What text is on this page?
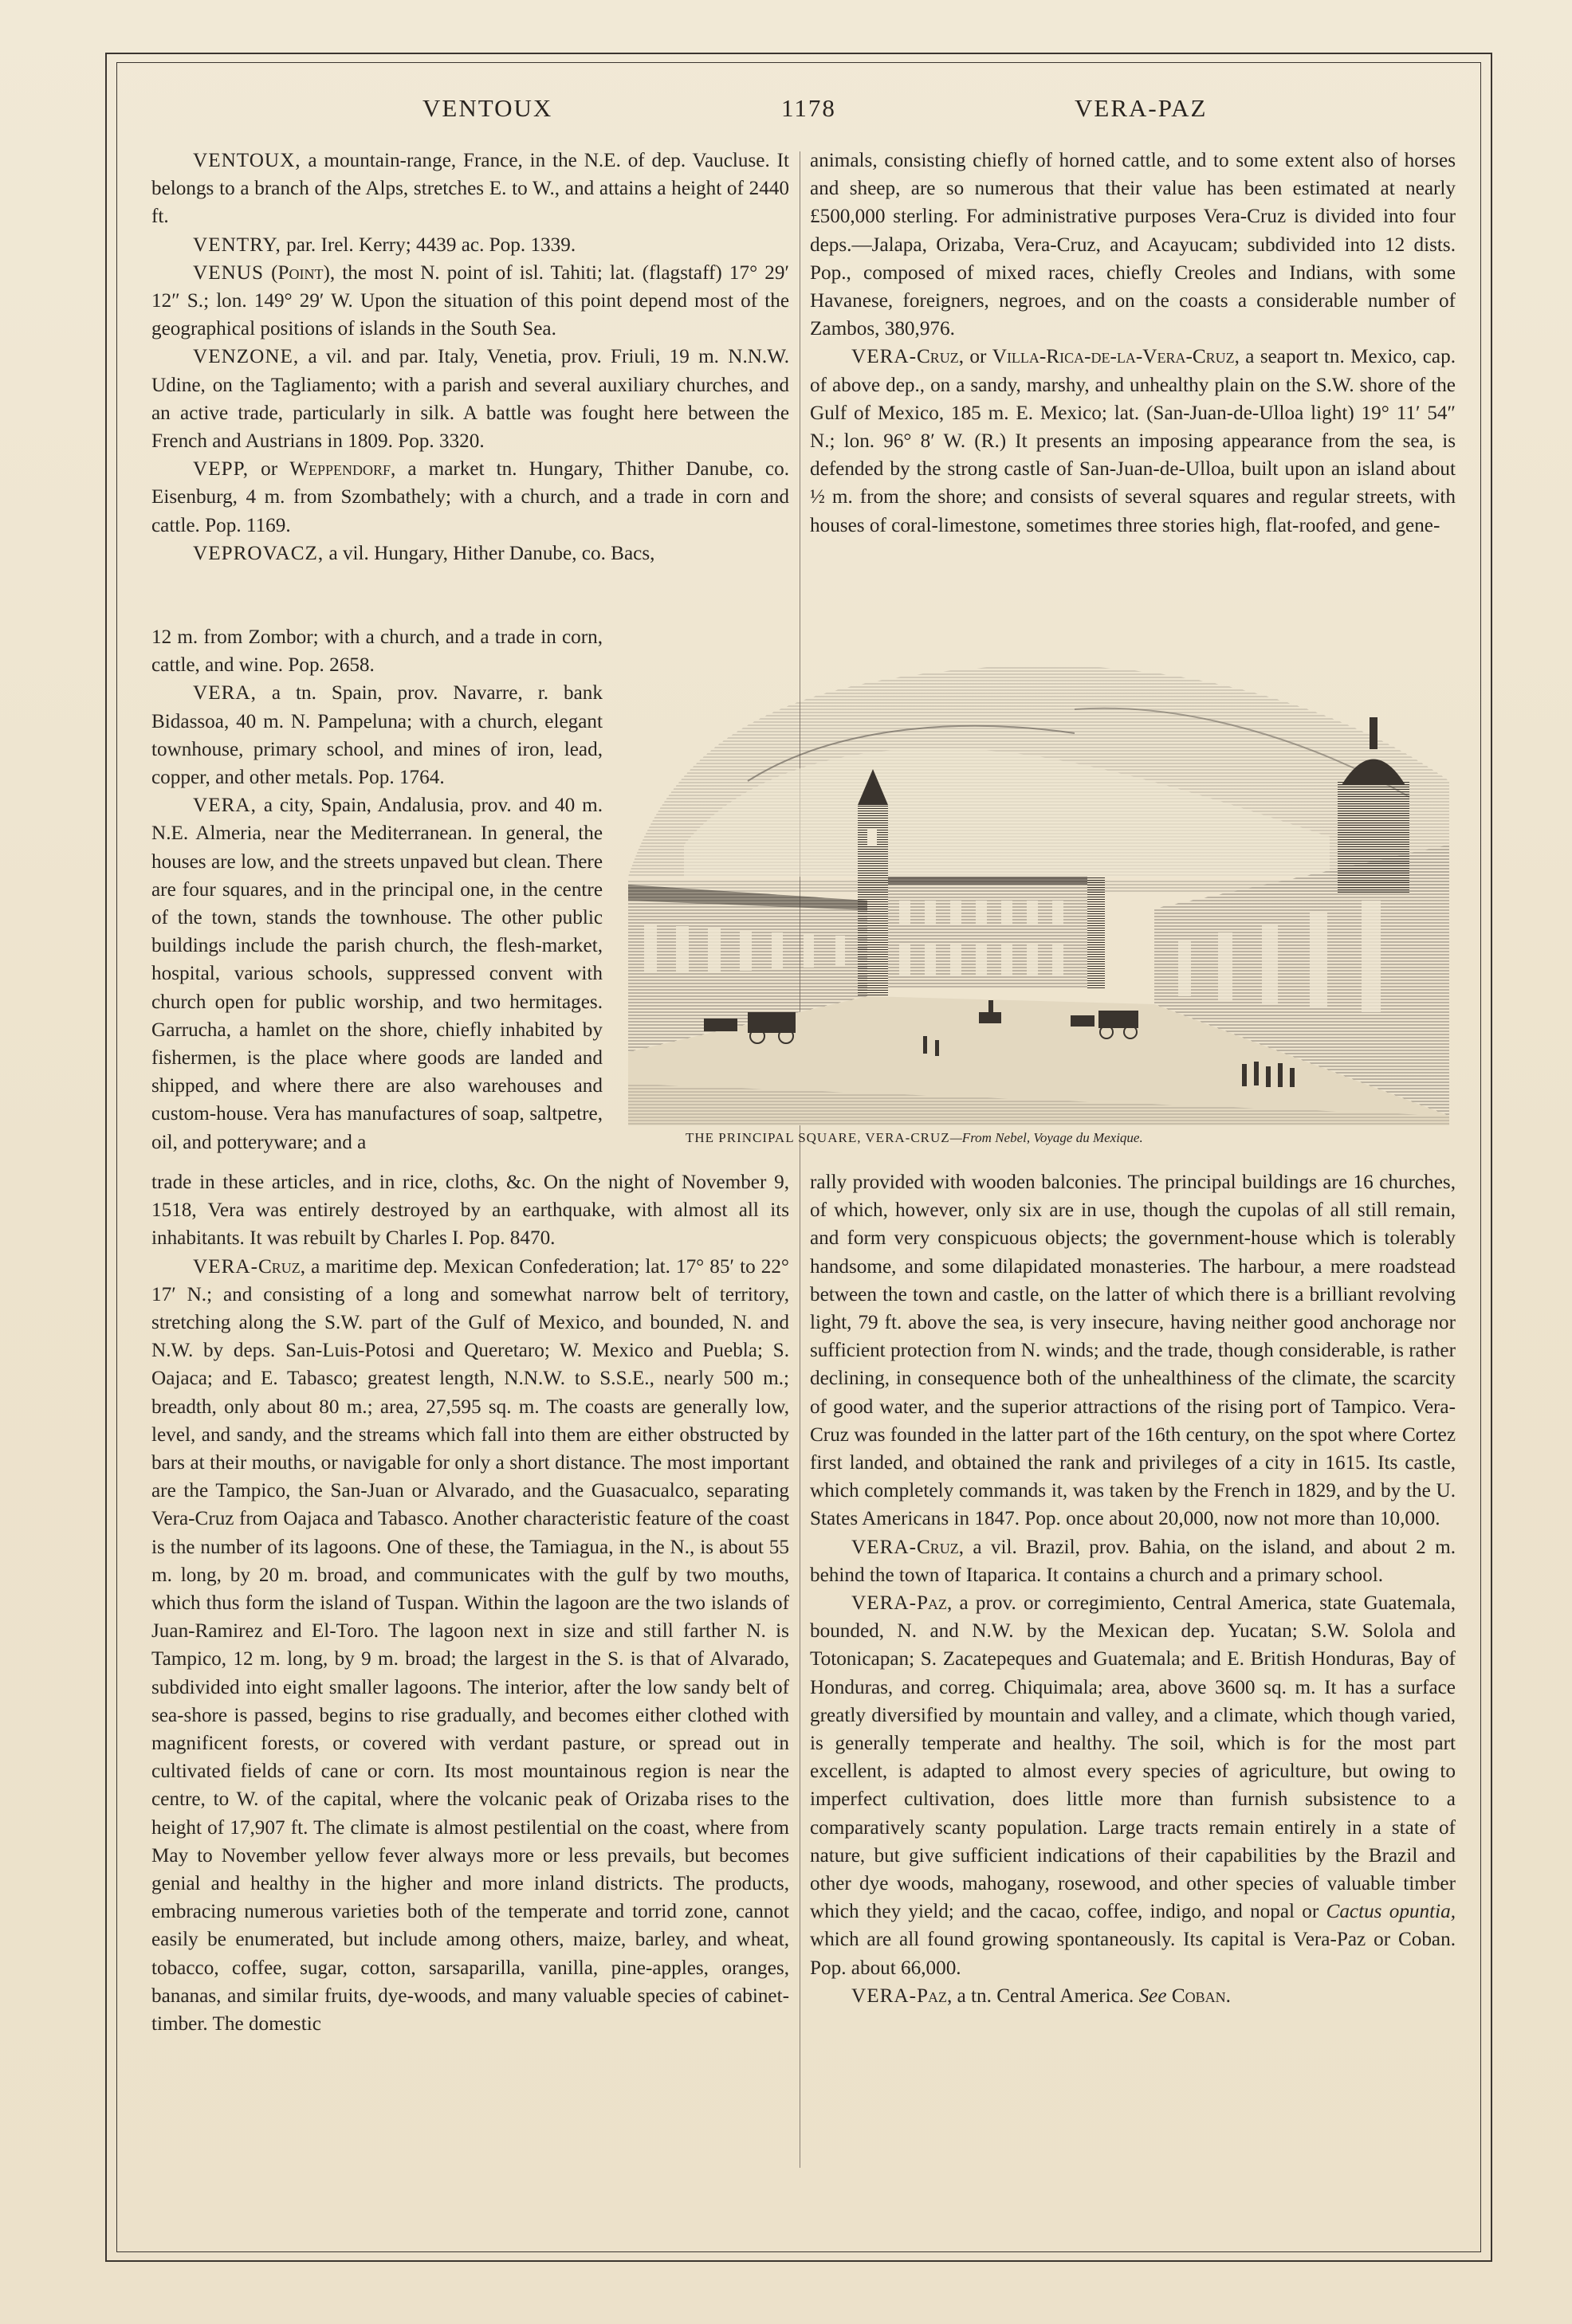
VENTOUX	1178	VERA-PAZ

VENTOUX, a mountain-range, France, in the N.E. of dep. Vaucluse. It belongs to a branch of the Alps, stretches E. to W., and attains a height of 2440 ft.

VENTRY, par. Irel. Kerry; 4439 ac. Pop. 1339.

VENUS (Point), the most N. point of isl. Tahiti; lat. (flagstaff) 17° 29′ 12″ S.; lon. 149° 29′ W. Upon the situation of this point depend most of the geographical positions of islands in the South Sea.

VENZONE, a vil. and par. Italy, Venetia, prov. Friuli, 19 m. N.N.W. Udine, on the Tagliamento; with a parish and several auxiliary churches, and an active trade, particularly in silk. A battle was fought here between the French and Austrians in 1809. Pop. 3320.

VEPP, or Weppendorf, a market tn. Hungary, Thither Danube, co. Eisenburg, 4 m. from Szombathely; with a church, and a trade in corn and cattle. Pop. 1169.

VEPROVACZ, a vil. Hungary, Hither Danube, co. Bacs,

12 m. from Zombor; with a church, and a trade in corn, cattle, and wine. Pop. 2658.

VERA, a tn. Spain, prov. Navarre, r. bank Bidassoa, 40 m. N. Pampeluna; with a church, elegant townhouse, primary school, and mines of iron, lead, copper, and other metals. Pop. 1764.

VERA, a city, Spain, Andalusia, prov. and 40 m. N.E. Almeria, near the Mediterranean. In general, the houses are low, and the streets unpaved but clean. There are four squares, and in the principal one, in the centre of the town, stands the townhouse. The other public buildings include the parish church, the flesh-market, hospital, various schools, suppressed convent with church open for public worship, and two hermitages. Garrucha, a hamlet on the shore, chiefly inhabited by fishermen, is the place where goods are landed and shipped, and where there are also warehouses and custom-house. Vera has manufactures of soap, saltpetre, oil, and potteryware; and a

animals, consisting chiefly of horned cattle, and to some extent also of horses and sheep, are so numerous that their value has been estimated at nearly £500,000 sterling. For administrative purposes Vera-Cruz is divided into four deps.—Jalapa, Orizaba, Vera-Cruz, and Acayucam; subdivided into 12 dists. Pop., composed of mixed races, chiefly Creoles and Indians, with some Havanese, foreigners, negroes, and on the coasts a considerable number of Zambos, 380,976.

VERA-Cruz, or Villa-Rica-de-la-Vera-Cruz, a seaport tn. Mexico, cap. of above dep., on a sandy, marshy, and unhealthy plain on the S.W. shore of the Gulf of Mexico, 185 m. E. Mexico; lat. (San-Juan-de-Ulloa light) 19° 11′ 54″ N.; lon. 96° 8′ W. (R.) It presents an imposing appearance from the sea, is defended by the strong castle of San-Juan-de-Ulloa, built upon an island about ½ m. from the shore; and consists of several squares and regular streets, with houses of coral-limestone, sometimes three stories high, flat-roofed, and gene-

THE PRINCIPAL SQUARE, VERA-CRUZ—From Nebel, Voyage du Mexique.

trade in these articles, and in rice, cloths, &c. On the night of November 9, 1518, Vera was entirely destroyed by an earthquake, with almost all its inhabitants. It was rebuilt by Charles I. Pop. 8470.

VERA-Cruz, a maritime dep. Mexican Confederation; lat. 17° 85′ to 22° 17′ N.; and consisting of a long and somewhat narrow belt of territory, stretching along the S.W. part of the Gulf of Mexico, and bounded, N. and N.W. by deps. San-Luis-Potosi and Queretaro; W. Mexico and Puebla; S. Oajaca; and E. Tabasco; greatest length, N.N.W. to S.S.E., nearly 500 m.; breadth, only about 80 m.; area, 27,595 sq. m. The coasts are generally low, level, and sandy, and the streams which fall into them are either obstructed by bars at their mouths, or navigable for only a short distance. The most important are the Tampico, the San-Juan or Alvarado, and the Guasacualco, separating Vera-Cruz from Oajaca and Tabasco. Another characteristic feature of the coast is the number of its lagoons. One of these, the Tamiagua, in the N., is about 55 m. long, by 20 m. broad, and communicates with the gulf by two mouths, which thus form the island of Tuspan. Within the lagoon are the two islands of Juan-Ramirez and El-Toro. The lagoon next in size and still farther N. is Tampico, 12 m. long, by 9 m. broad; the largest in the S. is that of Alvarado, subdivided into eight smaller lagoons. The interior, after the low sandy belt of sea-shore is passed, begins to rise gradually, and becomes either clothed with magnificent forests, or covered with verdant pasture, or spread out in cultivated fields of cane or corn. Its most mountainous region is near the centre, to W. of the capital, where the volcanic peak of Orizaba rises to the height of 17,907 ft. The climate is almost pestilential on the coast, where from May to November yellow fever always more or less prevails, but becomes genial and healthy in the higher and more inland districts. The products, embracing numerous varieties both of the temperate and torrid zone, cannot easily be enumerated, but include among others, maize, barley, and wheat, tobacco, coffee, sugar, cotton, sarsaparilla, vanilla, pine-apples, oranges, bananas, and similar fruits, dye-woods, and many valuable species of cabinet-timber. The domestic

rally provided with wooden balconies. The principal buildings are 16 churches, of which, however, only six are in use, though the cupolas of all still remain, and form very conspicuous objects; the government-house which is tolerably handsome, and some dilapidated monasteries. The harbour, a mere roadstead between the town and castle, on the latter of which there is a brilliant revolving light, 79 ft. above the sea, is very insecure, having neither good anchorage nor sufficient protection from N. winds; and the trade, though considerable, is rather declining, in consequence both of the unhealthiness of the climate, the scarcity of good water, and the superior attractions of the rising port of Tampico. Vera-Cruz was founded in the latter part of the 16th century, on the spot where Cortez first landed, and obtained the rank and privileges of a city in 1615. Its castle, which completely commands it, was taken by the French in 1829, and by the U. States Americans in 1847. Pop. once about 20,000, now not more than 10,000.

VERA-Cruz, a vil. Brazil, prov. Bahia, on the island, and about 2 m. behind the town of Itaparica. It contains a church and a primary school.

VERA-Paz, a prov. or corregimiento, Central America, state Guatemala, bounded, N. and N.W. by the Mexican dep. Yucatan; S.W. Solola and Totonicapan; S. Zacatepeques and Guatemala; and E. British Honduras, Bay of Honduras, and correg. Chiquimala; area, above 3600 sq. m. It has a surface greatly diversified by mountain and valley, and a climate, which though varied, is generally temperate and healthy. The soil, which is for the most part excellent, is adapted to almost every species of agriculture, but owing to imperfect cultivation, does little more than furnish subsistence to a comparatively scanty population. Large tracts remain entirely in a state of nature, but give sufficient indications of their capabilities by the Brazil and other dye woods, mahogany, rosewood, and other species of valuable timber which they yield; and the cacao, coffee, indigo, and nopal or Cactus opuntia, which are all found growing spontaneously. Its capital is Vera-Paz or Coban. Pop. about 66,000.

VERA-Paz, a tn. Central America. See Coban.
